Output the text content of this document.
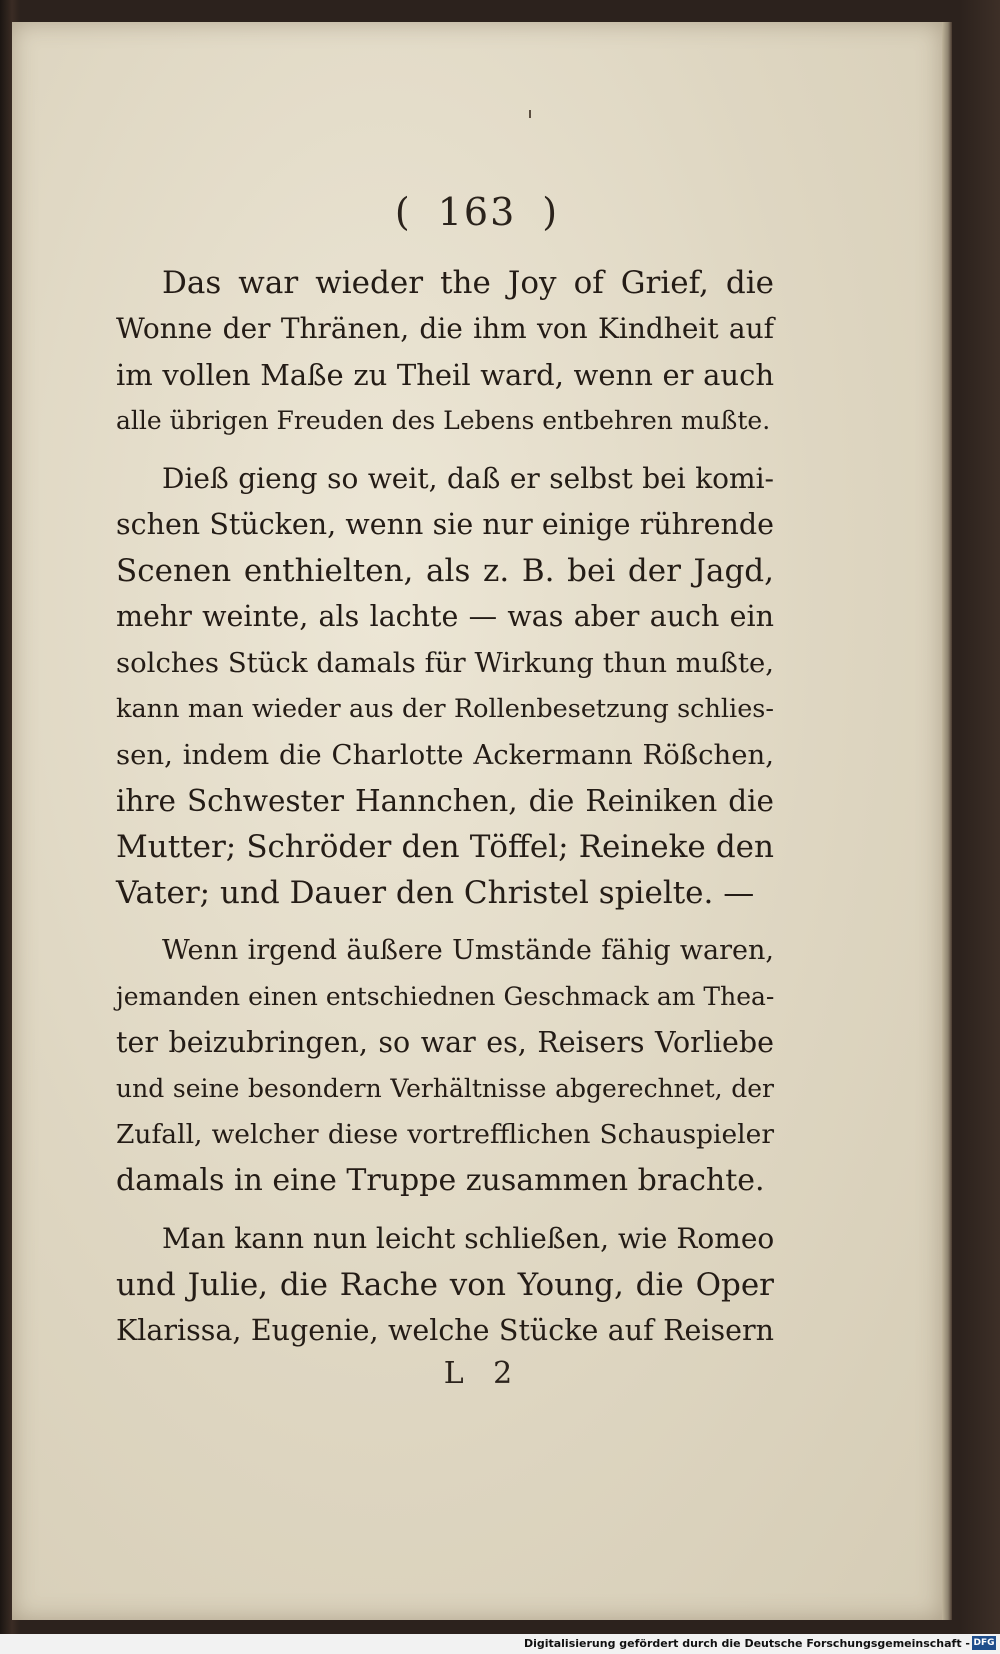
( 163 )
Das war wieder the Joy of Grief, die
Wonne der Thränen, die ihm von Kindheit auf
im vollen Maße zu Theil ward, wenn er auch
alle übrigen Freuden des Lebens entbehren mußte.
Dieß gieng so weit, daß er selbst bei komi-
schen Stücken, wenn sie nur einige rührende
Scenen enthielten, als z. B. bei der Jagd,
mehr weinte, als lachte — was aber auch ein
solches Stück damals für Wirkung thun mußte,
kann man wieder aus der Rollenbesetzung schlies-
sen, indem die Charlotte Ackermann Rößchen,
ihre Schwester Hannchen, die Reiniken die
Mutter; Schröder den Töffel; Reineke den
Vater; und Dauer den Christel spielte. —
Wenn irgend äußere Umstände fähig waren,
jemanden einen entschiednen Geschmack am Thea-
ter beizubringen, so war es, Reisers Vorliebe
und seine besondern Verhältnisse abgerechnet, der
Zufall, welcher diese vortrefflichen Schauspieler
damals in eine Truppe zusammen brachte.
Man kann nun leicht schließen, wie Romeo
und Julie, die Rache von Young, die Oper
Klarissa, Eugenie, welche Stücke auf Reisern
L 2
Digitalisierung gefördert durch die Deutsche Forschungsgemeinschaft - DFG
